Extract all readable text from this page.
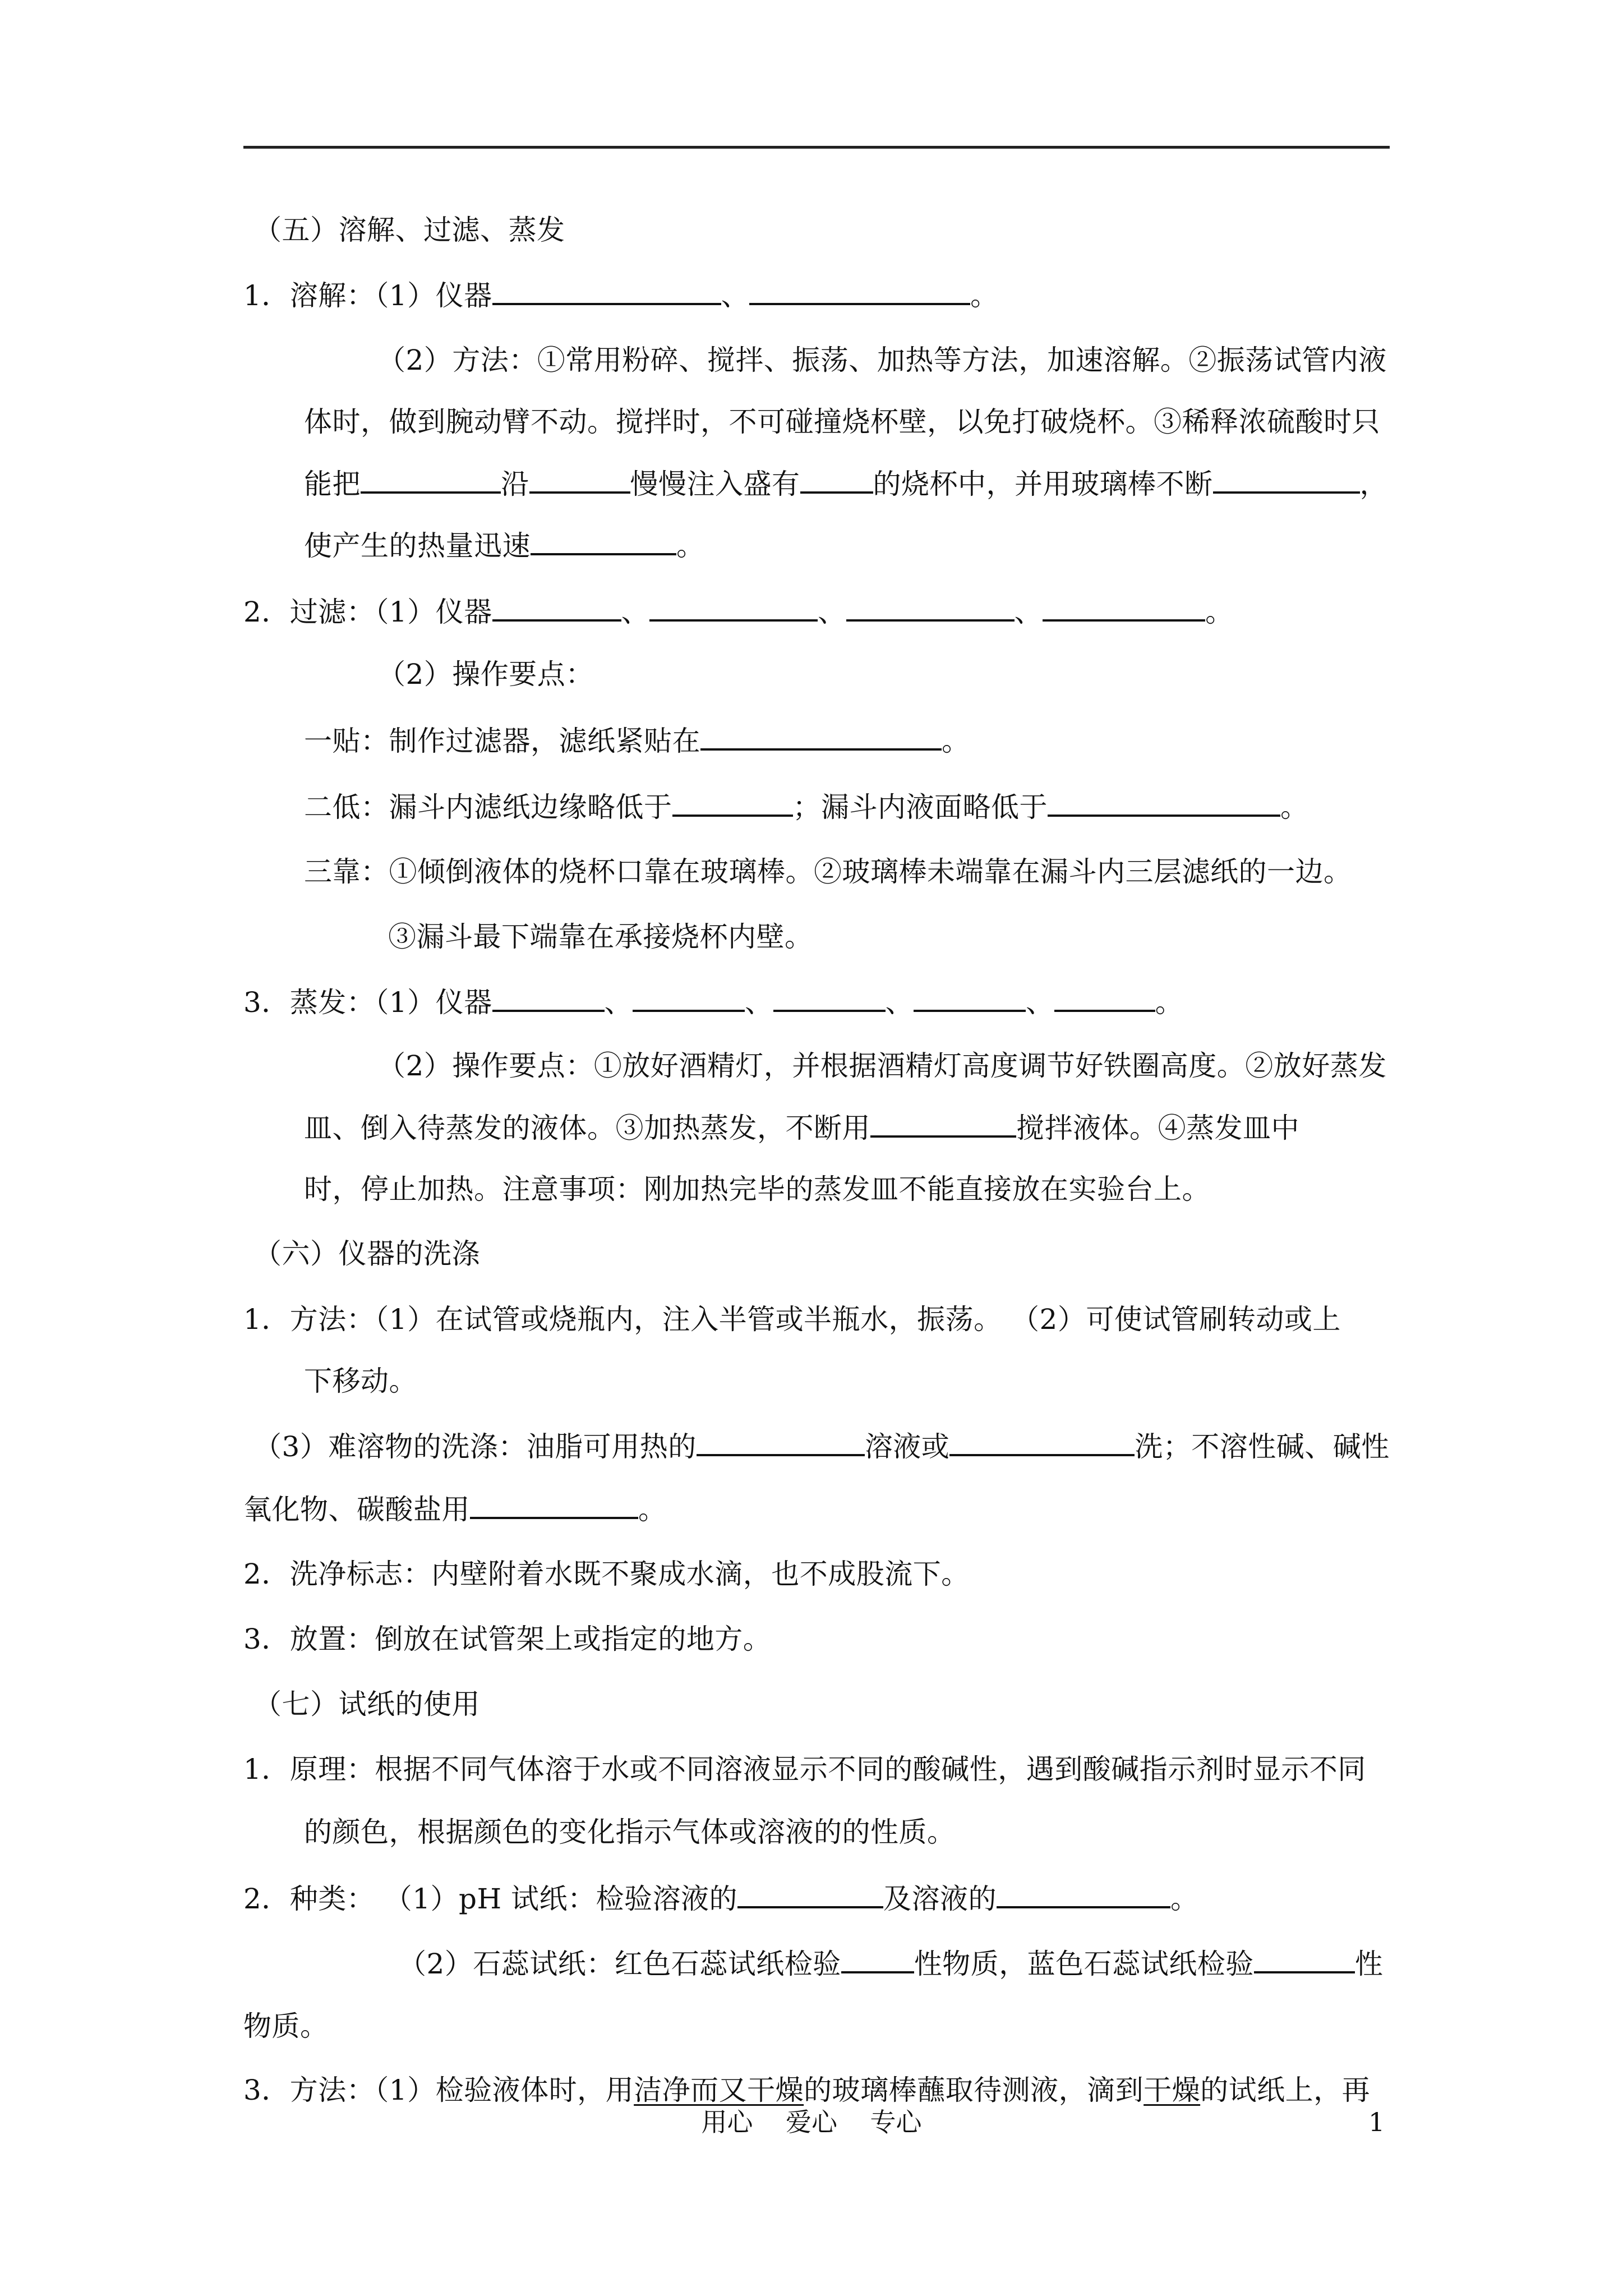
（五）溶解、过滤、蒸发
1．溶解：（1）仪器	、	。
（2）方法：①常用粉碎、搅拌、振荡、加热等方法，加速溶解。②振荡试管内液
体时，做到腕动臂不动。搅拌时，不可碰撞烧杯壁，以免打破烧杯。③稀释浓硫酸时只
能把	沿	慢慢注入盛有	的烧杯中，并用玻璃棒不断	，
使产生的热量迅速	。
2．过滤：（1）仪器	、	、	、	。
（2）操作要点：
一贴：制作过滤器，滤纸紧贴在	。
二低：漏斗内滤纸边缘略低于	；漏斗内液面略低于	。
三靠：①倾倒液体的烧杯口靠在玻璃棒。②玻璃棒未端靠在漏斗内三层滤纸的一边。
③漏斗最下端靠在承接烧杯内壁。
3．蒸发：（1）仪器	、	、	、	、	。
（2）操作要点：①放好酒精灯，并根据酒精灯高度调节好铁圈高度。②放好蒸发
皿、倒入待蒸发的液体。③加热蒸发，不断用	搅拌液体。④蒸发皿中
时，停止加热。注意事项：刚加热完毕的蒸发皿不能直接放在实验台上。
（六）仪器的洗涤
1．方法：（1）在试管或烧瓶内，注入半管或半瓶水，振荡。 （2）可使试管刷转动或上
下移动。
（3）难溶物的洗涤：油脂可用热的	溶液或	洗；不溶性碱、碱性
氧化物、碳酸盐用	。
2．洗净标志：内壁附着水既不聚成水滴，也不成股流下。
3．放置：倒放在试管架上或指定的地方。
（七）试纸的使用
1．原理：根据不同气体溶于水或不同溶液显示不同的酸碱性，遇到酸碱指示剂时显示不同
的颜色，根据颜色的变化指示气体或溶液的的性质。
2．种类： （1）pH 试纸：检验溶液的	及溶液的	。
（2）石蕊试纸：红色石蕊试纸检验	性物质，蓝色石蕊试纸检验	性
物质。
3．方法：（1）检验液体时，用洁净而又干燥的玻璃棒蘸取待测液，滴到干燥的试纸上，再
用心    爱心    专心	1
